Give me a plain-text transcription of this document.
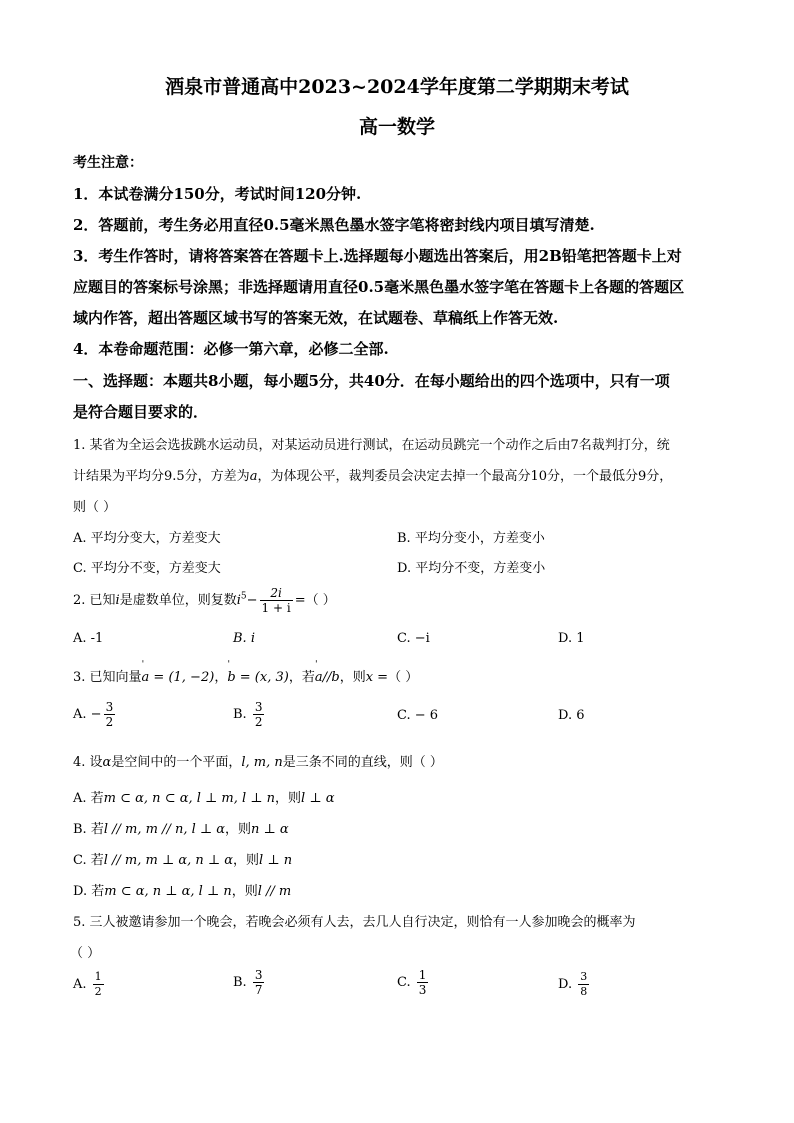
酒泉市普通高中2023~2024学年度第二学期期末考试
高一数学
考生注意：
1．本试卷满分150分，考试时间120分钟.
2．答题前，考生务必用直径0.5毫米黑色墨水签字笔将密封线内项目填写清楚.
3．考生作答时，请将答案答在答题卡上.选择题每小题选出答案后，用2B铅笔把答题卡上对
应题目的答案标号涂黑；非选择题请用直径0.5毫米黑色墨水签字笔在答题卡上各题的答题区
域内作答，超出答题区域书写的答案无效，在试题卷、草稿纸上作答无效.
4．本卷命题范围：必修一第六章，必修二全部.
一、选择题：本题共8小题，每小题5分，共40分．在每小题给出的四个选项中，只有一项
是符合题目要求的．
1. 某省为全运会选拔跳水运动员，对某运动员进行测试，在运动员跳完一个动作之后由7名裁判打分，统
计结果为平均分9.5分，方差为a，为体现公平，裁判委员会决定去掉一个最高分10分，一个最低分9分，
则（ ）
A. 平均分变大，方差变大	B. 平均分变小，方差变小
C. 平均分不变，方差变大	D. 平均分不变，方差变小
2. 已知i是虚数单位，则复数$i^5- \frac{2i}{1 + i}$ =（ ）
A. -1	B. i	C. −i	D. 1
3. 已知向量ˈ a = (1, −2)，ˈ b = (x, 3)，若ˈ a//b，则x =（ ）
A. − $\frac{3}{2}$	B. $\frac{3}{2}$	C. − 6	D. 6
4. 设α是空间中的一个平面，l, m, n是三条不同的直线，则（ ）
A. 若m ⊂ α, n ⊂ α, l ⊥ m, l ⊥ n，则l ⊥ α
B. 若l // m, m // n, l ⊥ α，则n ⊥ α
C. 若l // m, m ⊥ α, n ⊥ α，则l ⊥ n
D. 若m ⊂ α, n ⊥ α, l ⊥ n，则l // m
5. 三人被邀请参加一个晚会，若晚会必须有人去，去几人自行决定，则恰有一人参加晚会的概率为
（ ）
A. $\frac{1}{2}$	B. $\frac{3}{7}$	C. $\frac{1}{3}$	D. $\frac{3}{8}$
